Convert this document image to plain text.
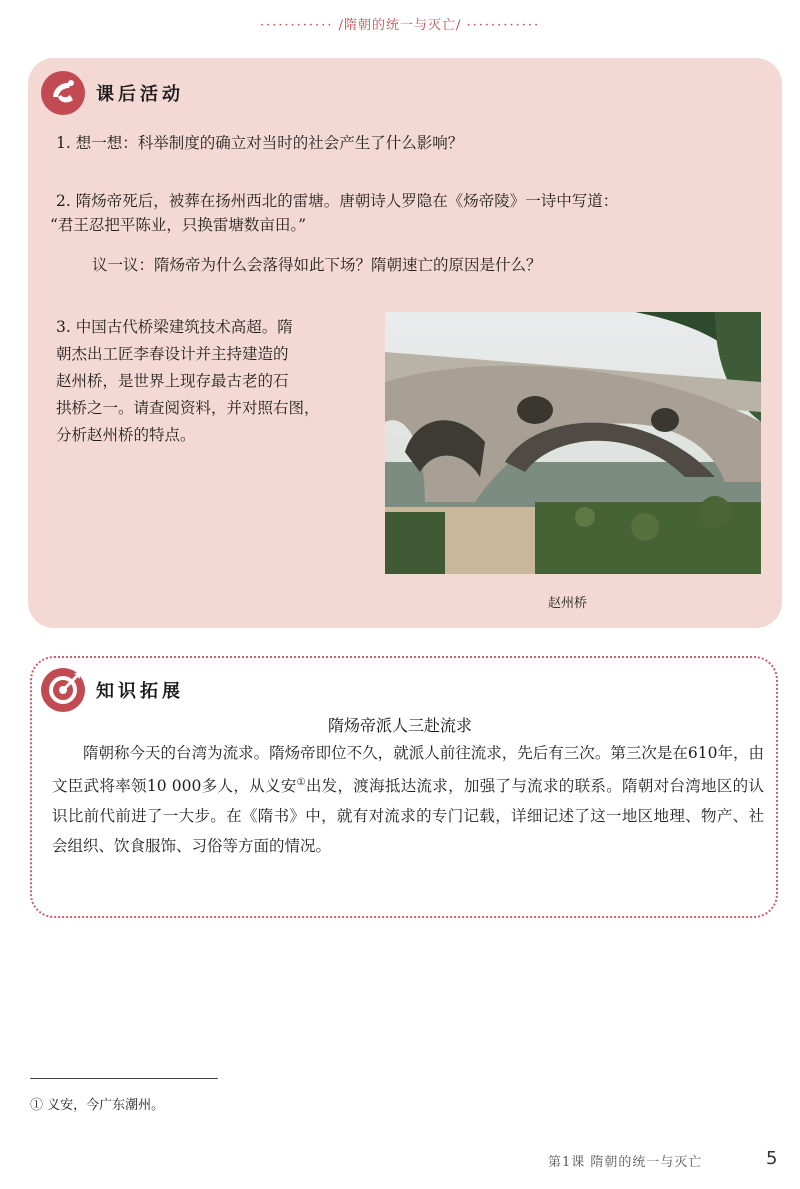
············ /隋朝的统一与灭亡/ ············
课后活动
1. 想一想：科举制度的确立对当时的社会产生了什么影响？
2. 隋炀帝死后，被葬在扬州西北的雷塘。唐朝诗人罗隐在《炀帝陵》一诗中写道：
“君王忍把平陈业，只换雷塘数亩田。”
议一议：隋炀帝为什么会落得如此下场？隋朝速亡的原因是什么？
3. 中国古代桥梁建筑技术高超。隋
朝杰出工匠李春设计并主持建造的
赵州桥，是世界上现存最古老的石
拱桥之一。请查阅资料，并对照右图，
分析赵州桥的特点。
赵州桥
知识拓展
隋炀帝派人三赴流求
隋朝称今天的台湾为流求。隋炀帝即位不久，就派人前往流求，先后有三次。第三次是在610年，由文臣武将率领10 000多人，从义安①出发，渡海抵达流求，加强了与流求的联系。隋朝对台湾地区的认识比前代前进了一大步。在《隋书》中，就有对流求的专门记载，详细记述了这一地区地理、物产、社会组织、饮食服饰、习俗等方面的情况。
① 义安，今广东潮州。
第1课 隋朝的统一与灭亡	5
